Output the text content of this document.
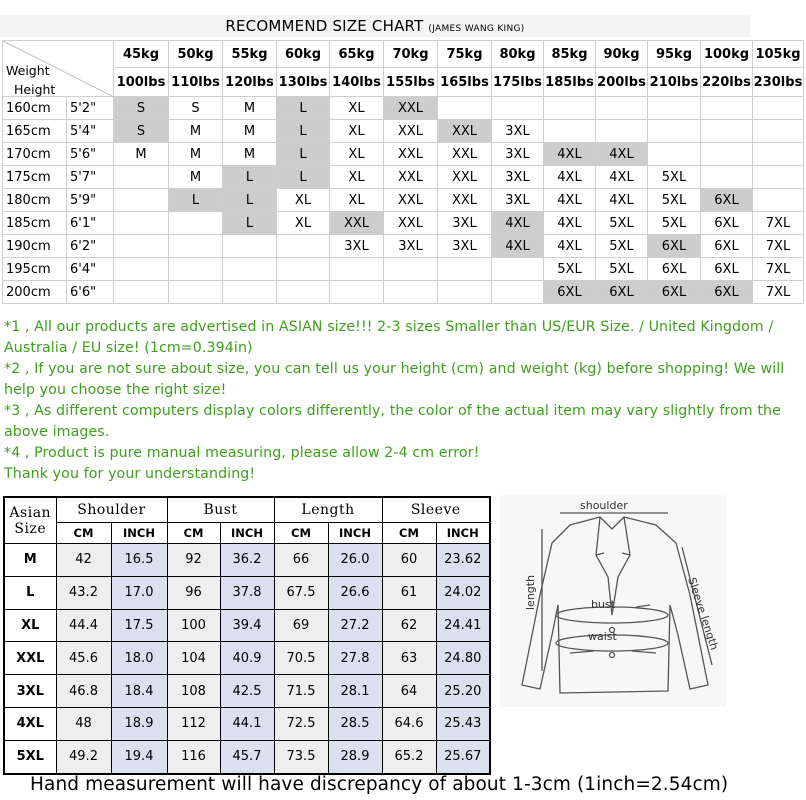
RECOMMEND SIZE CHART (JAMES WANG KING)
Weight
Height		45kg	50kg	55kg	60kg	65kg	70kg	75kg	80kg	85kg	90kg	95kg	100kg	105kg
		100lbs	110lbs	120lbs	130lbs	140lbs	155lbs	165lbs	175lbs	185lbs	200lbs	210lbs	220lbs	230lbs
160cm	5'2"	S	S	M	L	XL	XXL							
165cm	5'4"	S	M	M	L	XL	XXL	XXL	3XL					
170cm	5'6"	M	M	M	L	XL	XXL	XXL	3XL	4XL	4XL			
175cm	5'7"		M	L	L	XL	XXL	XXL	3XL	4XL	4XL	5XL		
180cm	5'9"		L	L	XL	XL	XXL	XXL	3XL	4XL	4XL	5XL	6XL	
185cm	6'1"			L	XL	XXL	XXL	3XL	4XL	4XL	5XL	5XL	6XL	7XL
190cm	6'2"					3XL	3XL	3XL	4XL	4XL	5XL	6XL	6XL	7XL
195cm	6'4"									5XL	5XL	6XL	6XL	7XL
200cm	6'6"									6XL	6XL	6XL	6XL	7XL

*1 , All our products are advertised in ASIAN size!!! 2-3 sizes Smaller than US/EUR Size. / United Kingdom / Australia / EU size! (1cm=0.394in)

*2 , If you are not sure about size, you can tell us your height (cm) and weight (kg) before shopping! We will help you choose the right size!

*3 , As different computers display colors differently, the color of the actual item may vary slightly from the above images.

*4 , Product is pure manual measuring, please allow 2-4 cm error!

Thank you for your understanding!

Asian
Size	Shoulder		Bust		Length		Sleeve	
	CM	INCH	CM	INCH	CM	INCH	CM	INCH
M	42	16.5	92	36.2	66	26.0	60	23.62
L	43.2	17.0	96	37.8	67.5	26.6	61	24.02
XL	44.4	17.5	100	39.4	69	27.2	62	24.41
XXL	45.6	18.0	104	40.9	70.5	27.8	63	24.80
3XL	46.8	18.4	108	42.5	71.5	28.1	64	25.20
4XL	48	18.9	112	44.1	72.5	28.5	64.6	25.43
5XL	49.2	19.4	116	45.7	73.5	28.9	65.2	25.67
shoulder
length	bust
waist	Sleeve length
Hand measurement will have discrepancy of about 1-3cm (1inch=2.54cm)
